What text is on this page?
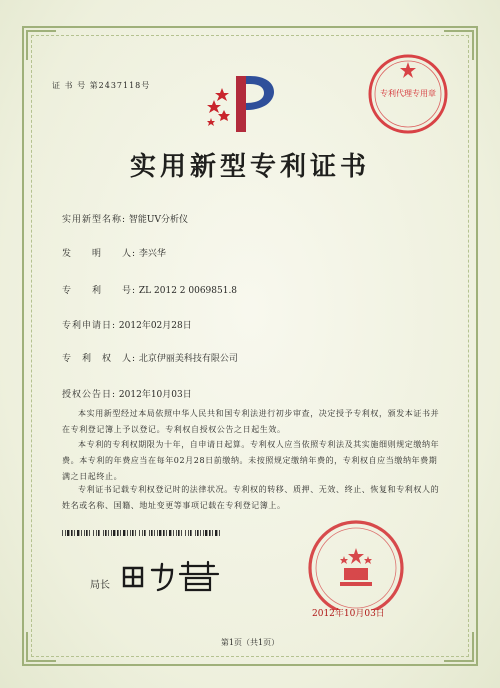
证 书 号 第2437118号
专利代理专用章
实用新型专利证书
实用新型名称: 智能UV分析仪
发　　明　　人: 李兴华
专　　利　　号: ZL 2012 2 0069851.8
专利申请日: 2012年02月28日
专　利　权　人: 北京伊丽美科技有限公司
授权公告日: 2012年10月03日
本实用新型经过本局依照中华人民共和国专利法进行初步审查，决定授予专利权，颁发本证书并在专利登记簿上予以登记。专利权自授权公告之日起生效。
本专利的专利权期限为十年，自申请日起算。专利权人应当依照专利法及其实施细则规定缴纳年费。本专利的年费应当在每年02月28日前缴纳。未按照规定缴纳年费的，专利权自应当缴纳年费期满之日起终止。
专利证书记载专利权登记时的法律状况。专利权的转移、质押、无效、终止、恢复和专利权人的姓名或名称、国籍、地址变更等事项记载在专利登记簿上。
局长
2012年10月03日
第1页（共1页）
